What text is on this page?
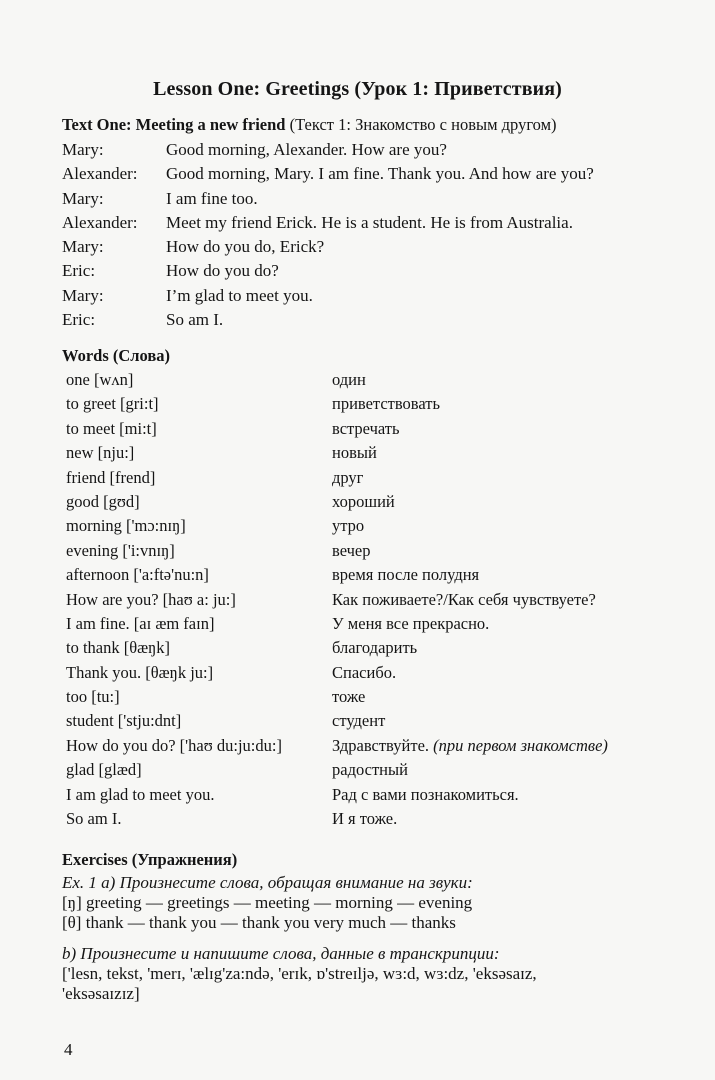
Lesson One: Greetings (Урок 1: Приветствия)
Text One: Meeting a new friend (Текст 1: Знакомство с новым другом)
Mary:	Good morning, Alexander. How are you?
Alexander:	Good morning, Mary. I am fine. Thank you. And how are you?
Mary:	I am fine too.
Alexander:	Meet my friend Erick. He is a student. He is from Australia.
Mary:	How do you do, Erick?
Eric:	How do you do?
Mary:	I’m glad to meet you.
Eric:	So am I.
Words (Слова)
one [wʌn]	один
to greet [gri:t]	приветствовать
to meet [mi:t]	встречать
new [nju:]	новый
friend [frend]	друг
good [gʊd]	хороший
morning ['mɔ:nɪŋ]	утро
evening ['i:vnɪŋ]	вечер
afternoon ['a:ftə'nu:n]	время после полудня
How are you? [haʊ a: ju:]	Как поживаете?/Как себя чувствуете?
I am fine. [aɪ æm faɪn]	У меня все прекрасно.
to thank [θæŋk]	благодарить
Thank you. [θæŋk ju:]	Спасибо.
too [tu:]	тоже
student ['stju:dnt]	студент
How do you do? ['haʊ du:ju:du:]	Здравствуйте. (при первом знакомстве)
glad [glæd]	радостный
I am glad to meet you.	Рад с вами познакомиться.
So am I.	И я тоже.
Exercises (Упражнения)
Ex. 1 a) Произнесите слова, обращая внимание на звуки:
[ŋ] greeting — greetings — meeting — morning — evening
[θ] thank — thank you — thank you very much — thanks
b) Произнесите и напишите слова, данные в транскрипции:
['lesn, tekst, 'merɪ, 'ælɪg'za:ndə, 'erɪk, ɒ'streɪljə, wɜ:d, wɜ:dz, 'eksəsaɪz,
'eksəsaɪzɪz]
4
